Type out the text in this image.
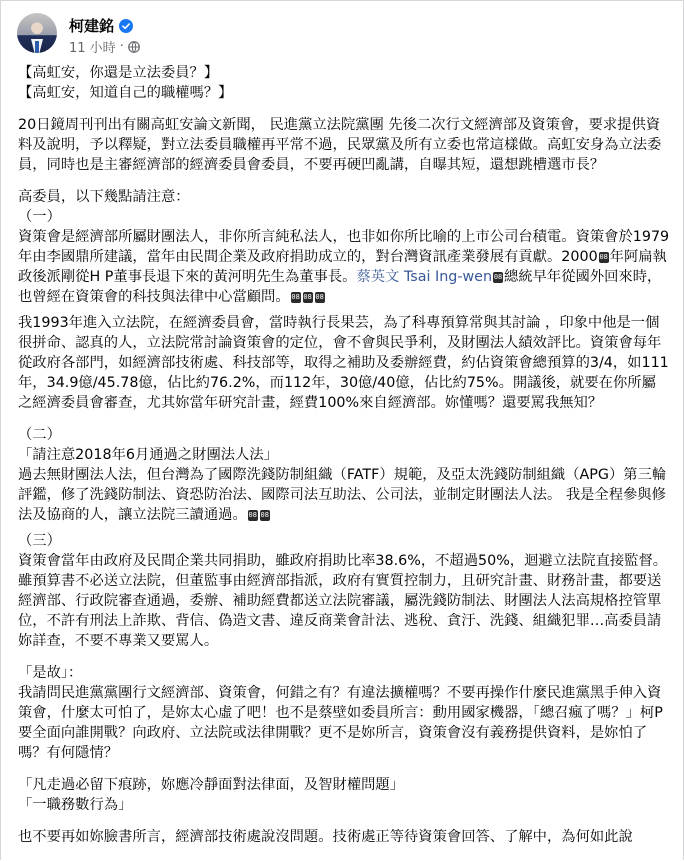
柯建銘
11 小時 ·

【高虹安，你還是立法委員？】

【高虹安，知道自己的職權嗎？】

20日鏡周刊刊出有關高虹安論文新聞， 民進黨立法院黨團 先後二次行文經濟部及資策會，要求提供資料及說明，予以釋疑，對立法委員職權再平常不過，民眾黨及所有立委也常這樣做。高虹安身為立法委員，同時也是主審經濟部的經濟委員會委員，不要再硬凹亂講，自曝其短，還想跳槽選市長？

高委員，以下幾點請注意：

（一）

資策會是經濟部所屬財團法人，非你所言純私法人，也非如你所比喻的上市公司台積電。資策會於1979年由李國鼎所建議，當年由民間企業及政府捐助成立的，對台灣資訊產業發展有貢獻。2000 08 年阿扁執政後派剛從H P董事長退下來的黃河明先生為董事長。蔡英文 Tsai Ing-wen 08 總統早年從國外回來時，也曾經在資策會的科技與法律中心當顧問。 08 08 08

我1993年進入立法院，在經濟委員會，當時執行長果芸，為了科專預算常與其討論 ，印象中他是一個很拼命、認真的人，立法院常討論資策會的定位，會不會與民爭利，及財團法人績效評比。資策會每年從政府各部門，如經濟部技術處、科技部等，取得之補助及委辦經費，約佔資策會總預算的3/4，如111年，34.9億/45.78億，佔比約76.2%，而112年，30億/40億，佔比約75%。開議後，就要在你所屬之經濟委員會審查，尤其妳當年研究計畫，經費100%來自經濟部。妳懂嗎？還要罵我無知？

（二）

「請注意2018年6月通過之財團法人法」

過去無財團法人法，但台灣為了國際洗錢防制組織（FATF）規範，及亞太洗錢防制組織（APG）第三輪評鑑，修了洗錢防制法、資恐防治法、國際司法互助法、公司法，並制定財團法人法。 我是全程參與修法及協商的人，讓立法院三讀通過。 08 08

（三）

資策會當年由政府及民間企業共同捐助，雖政府捐助比率38.6%，不超過50%，迴避立法院直接監督。雖預算書不必送立法院，但董監事由經濟部指派，政府有實質控制力，且研究計畫、財務計畫，都要送經濟部、行政院審查通過，委辦、補助經費都送立法院審議，屬洗錢防制法、財團法人法高規格控管單位，不許有刑法上詐欺、背信、偽造文書、違反商業會計法、逃稅、貪汙、洗錢、組織犯罪…高委員請妳詳查，不要不專業又要罵人。

「是故」：

我請問民進黨黨團行文經濟部、資策會，何錯之有？有違法擴權嗎？不要再操作什麼民進黨黑手伸入資策會，什麼太可怕了，是妳太心虛了吧！也不是蔡壁如委員所言：動用國家機器，「總召瘋了嗎？」柯P要全面向誰開戰？向政府、立法院或法律開戰？更不是妳所言，資策會沒有義務提供資料，是妳怕了嗎？有何隱情？

「凡走過必留下痕跡，妳應冷靜面對法律面，及智財權問題」

「一職務數行為」

也不要再如妳臉書所言，經濟部技術處說沒問題。技術處正等待資策會回答、了解中，為何如此說
